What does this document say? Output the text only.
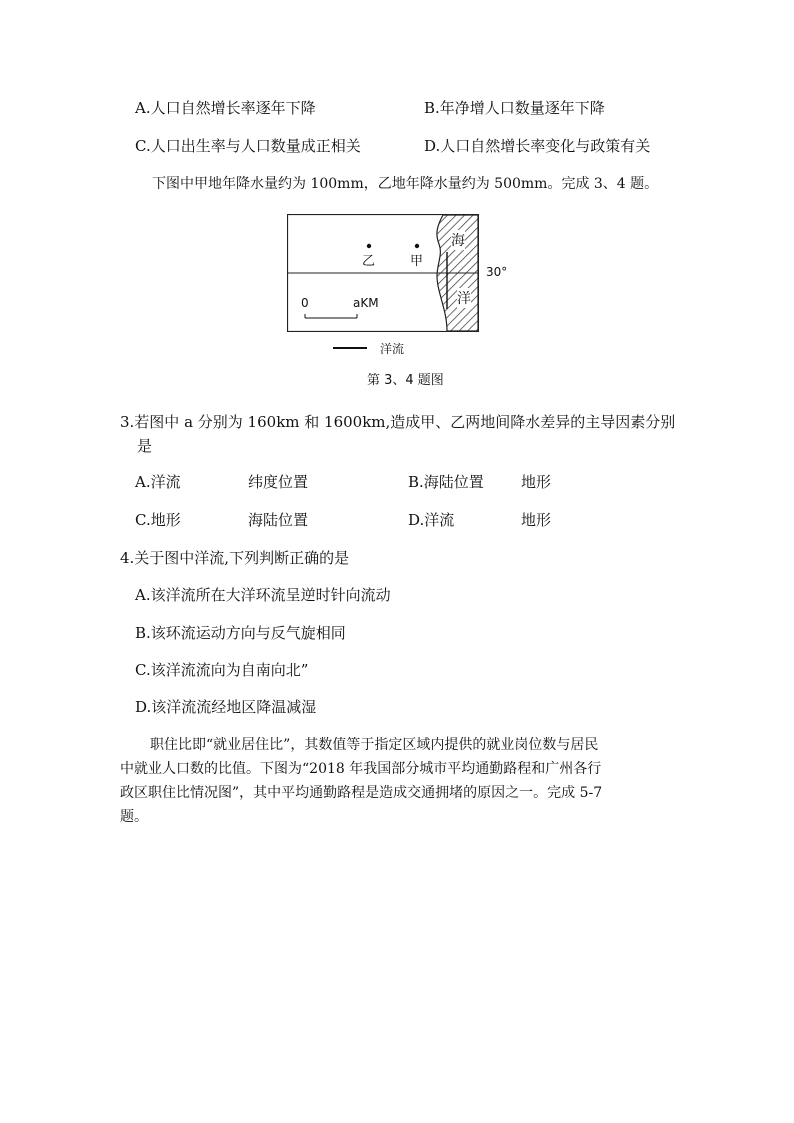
A.人口自然增长率逐年下降	B.年净增人口数量逐年下降
C.人口出生率与人口数量成正相关	D.人口自然增长率变化与政策有关
下图中甲地年降水量约为 100mm，乙地年降水量约为 500mm。完成 3、4 题。
海
洋
乙	甲
0	aKM
30°
洋流
第 3、4 题图
3.若图中 a 分别为 160km 和 1600km,造成甲、乙两地间降水差异的主导因素分别
是
A.洋流	纬度位置	B.海陆位置 地形
C.地形	海陆位置	D.洋流	地形
4.关于图中洋流,下列判断正确的是
A.该洋流所在大洋环流呈逆时针向流动
B.该环流运动方向与反气旋相同
C.该洋流流向为自南向北”
D.该洋流流经地区降温减湿
职住比即“就业居住比”，其数值等于指定区域内提供的就业岗位数与居民
中就业人口数的比值。下图为“2018 年我国部分城市平均通勤路程和广州各行
政区职住比情况图”，其中平均通勤路程是造成交通拥堵的原因之一。完成 5-7
题。
